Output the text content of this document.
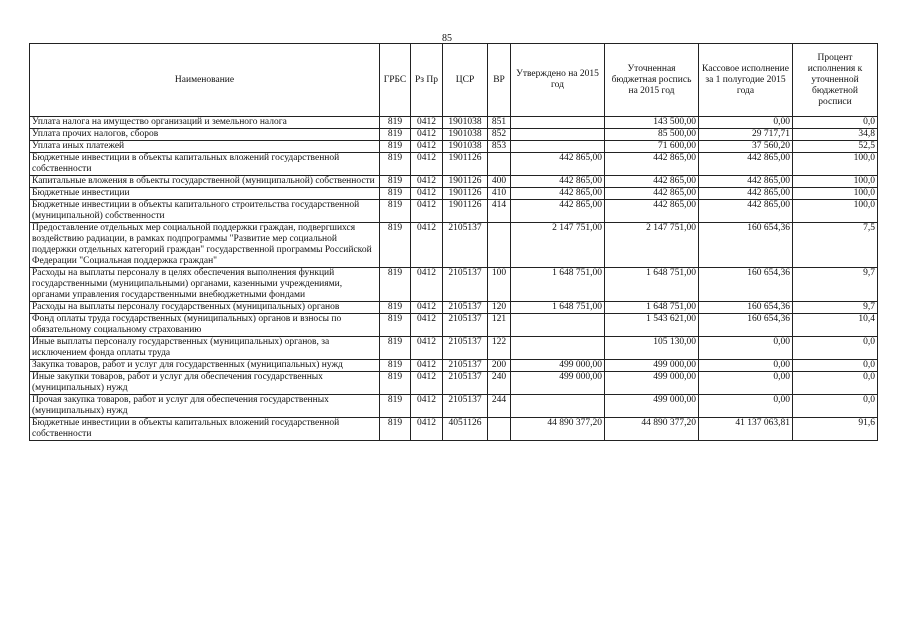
85
Наименование	ГРБС	Рз Пр	ЦСР	ВР	Утверждено на 2015 год	Уточненная бюджетная роспись на 2015 год	Кассовое исполнение за 1 полугодие 2015 года	Процент исполнения к уточненной бюджетной росписи
Уплата налога на имущество организаций и земельного налога	819	0412	1901038	851		143 500,00	0,00	0,0
Уплата прочих налогов, сборов	819	0412	1901038	852		85 500,00	29 717,71	34,8
Уплата иных платежей	819	0412	1901038	853		71 600,00	37 560,20	52,5
Бюджетные инвестиции в объекты капитальных вложений государственной собственности	819	0412	1901126		442 865,00	442 865,00	442 865,00	100,0
Капитальные вложения в объекты государственной (муниципальной) собственности	819	0412	1901126	400	442 865,00	442 865,00	442 865,00	100,0
Бюджетные инвестиции	819	0412	1901126	410	442 865,00	442 865,00	442 865,00	100,0
Бюджетные инвестиции в объекты капитального строительства государственной (муниципальной) собственности	819	0412	1901126	414	442 865,00	442 865,00	442 865,00	100,0
Предоставление отдельных мер социальной поддержки граждан, подвергшихся воздействию радиации, в рамках подпрограммы "Развитие мер социальной поддержки отдельных категорий граждан" государственной программы Российской Федерации "Социальная поддержка граждан"	819	0412	2105137		2 147 751,00	2 147 751,00	160 654,36	7,5
Расходы на выплаты персоналу в целях обеспечения выполнения функций государственными (муниципальными) органами, казенными учреждениями, органами управления государственными внебюджетными фондами	819	0412	2105137	100	1 648 751,00	1 648 751,00	160 654,36	9,7
Расходы на выплаты персоналу государственных (муниципальных) органов	819	0412	2105137	120	1 648 751,00	1 648 751,00	160 654,36	9,7
Фонд оплаты труда государственных (муниципальных) органов и взносы по обязательному социальному страхованию	819	0412	2105137	121		1 543 621,00	160 654,36	10,4
Иные выплаты персоналу государственных (муниципальных) органов, за исключением фонда оплаты труда	819	0412	2105137	122		105 130,00	0,00	0,0
Закупка товаров, работ и услуг для государственных (муниципальных) нужд	819	0412	2105137	200	499 000,00	499 000,00	0,00	0,0
Иные закупки товаров, работ и услуг для обеспечения государственных (муниципальных) нужд	819	0412	2105137	240	499 000,00	499 000,00	0,00	0,0
Прочая закупка товаров, работ и услуг для обеспечения государственных (муниципальных) нужд	819	0412	2105137	244		499 000,00	0,00	0,0
Бюджетные инвестиции в объекты капитальных вложений государственной собственности	819	0412	4051126		44 890 377,20	44 890 377,20	41 137 063,81	91,6
